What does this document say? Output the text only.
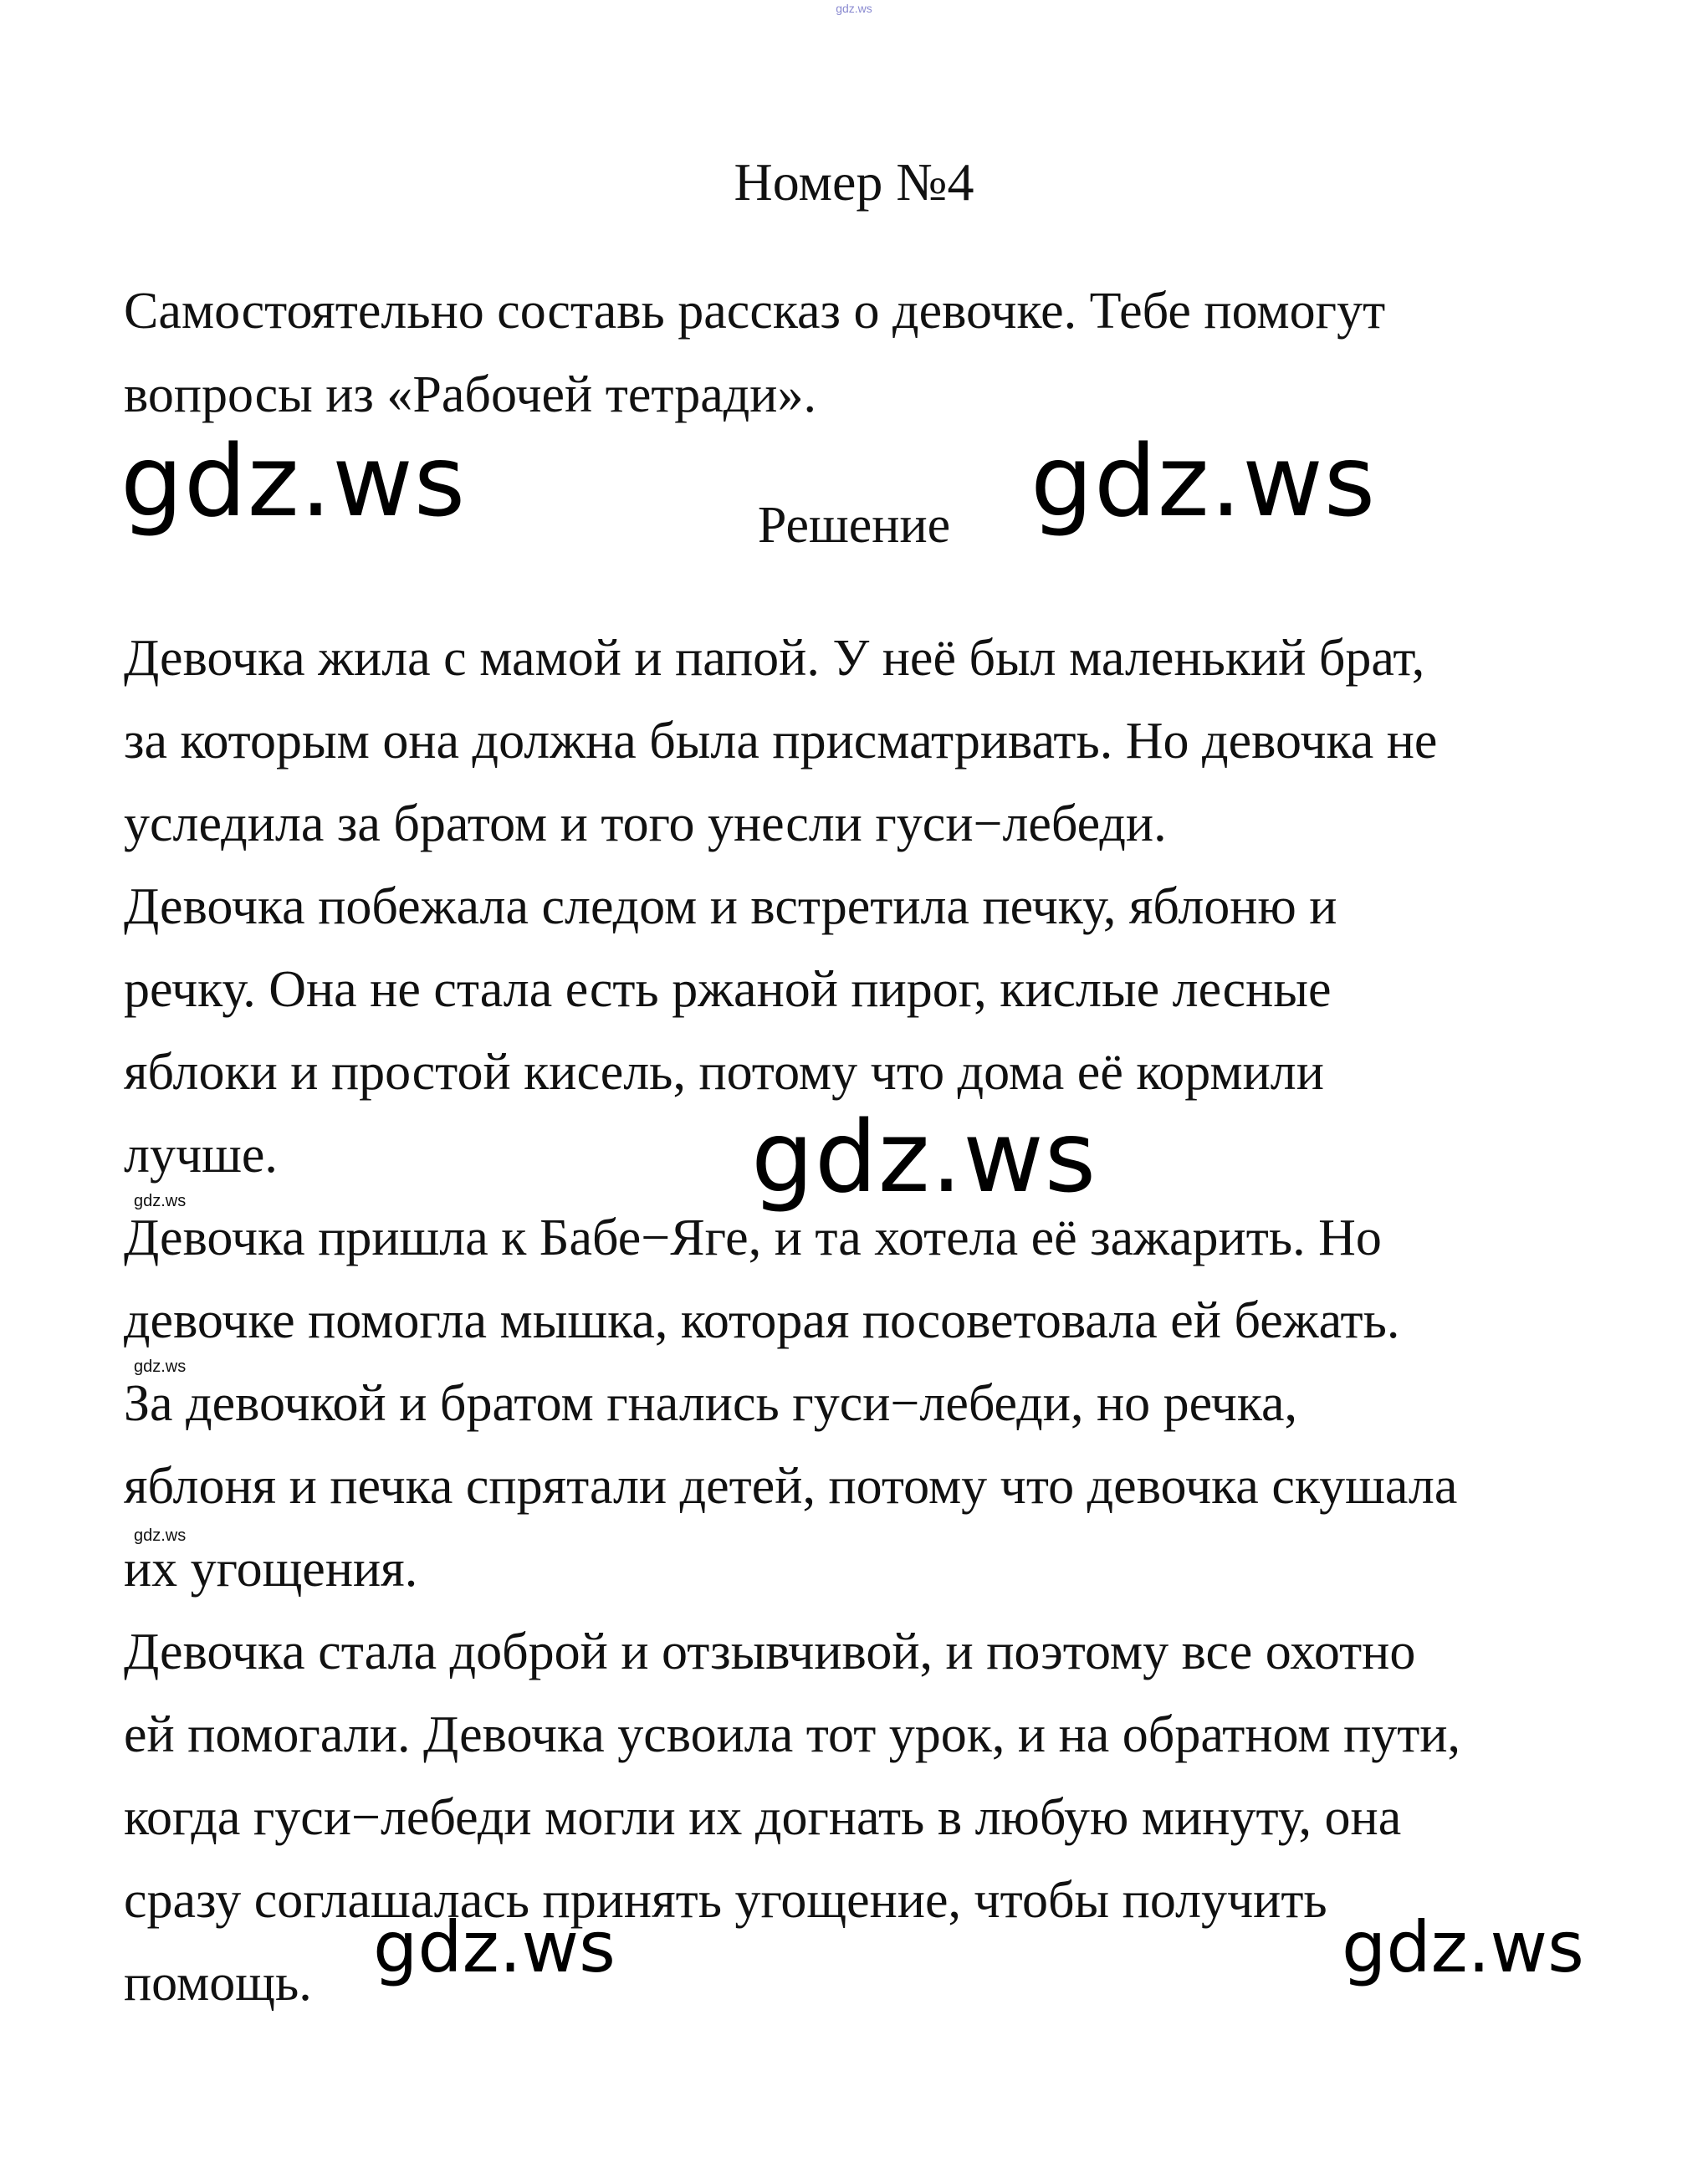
gdz.ws
Номер №4
Самостоятельно составь рассказ о девочке. Тебе помогут
вопросы из «Рабочей тетради».
Решение

Девочка жила с мамой и папой. У неё был маленький брат,

за которым она должна была присматривать. Но девочка не

уследила за братом и того унесли гуси−лебеди.

Девочка побежала следом и встретила печку, яблоню и

речку. Она не стала есть ржаной пирог, кислые лесные

яблоки и простой кисель, потому что дома её кормили

лучше.

Девочка пришла к Бабе−Яге, и та хотела её зажарить. Но

девочке помогла мышка, которая посоветовала ей бежать.

За девочкой и братом гнались гуси−лебеди, но речка,

яблоня и печка спрятали детей, потому что девочка скушала

их угощения.

Девочка стала доброй и отзывчивой, и поэтому все охотно

ей помогали. Девочка усвоила тот урок, и на обратном пути,

когда гуси−лебеди могли их догнать в любую минуту, она

сразу соглашалась принять угощение, чтобы получить

помощь.

gdz.ws	gdz.ws
gdz.ws
gdz.ws	gdz.ws
gdz.ws
gdz.ws
gdz.ws
